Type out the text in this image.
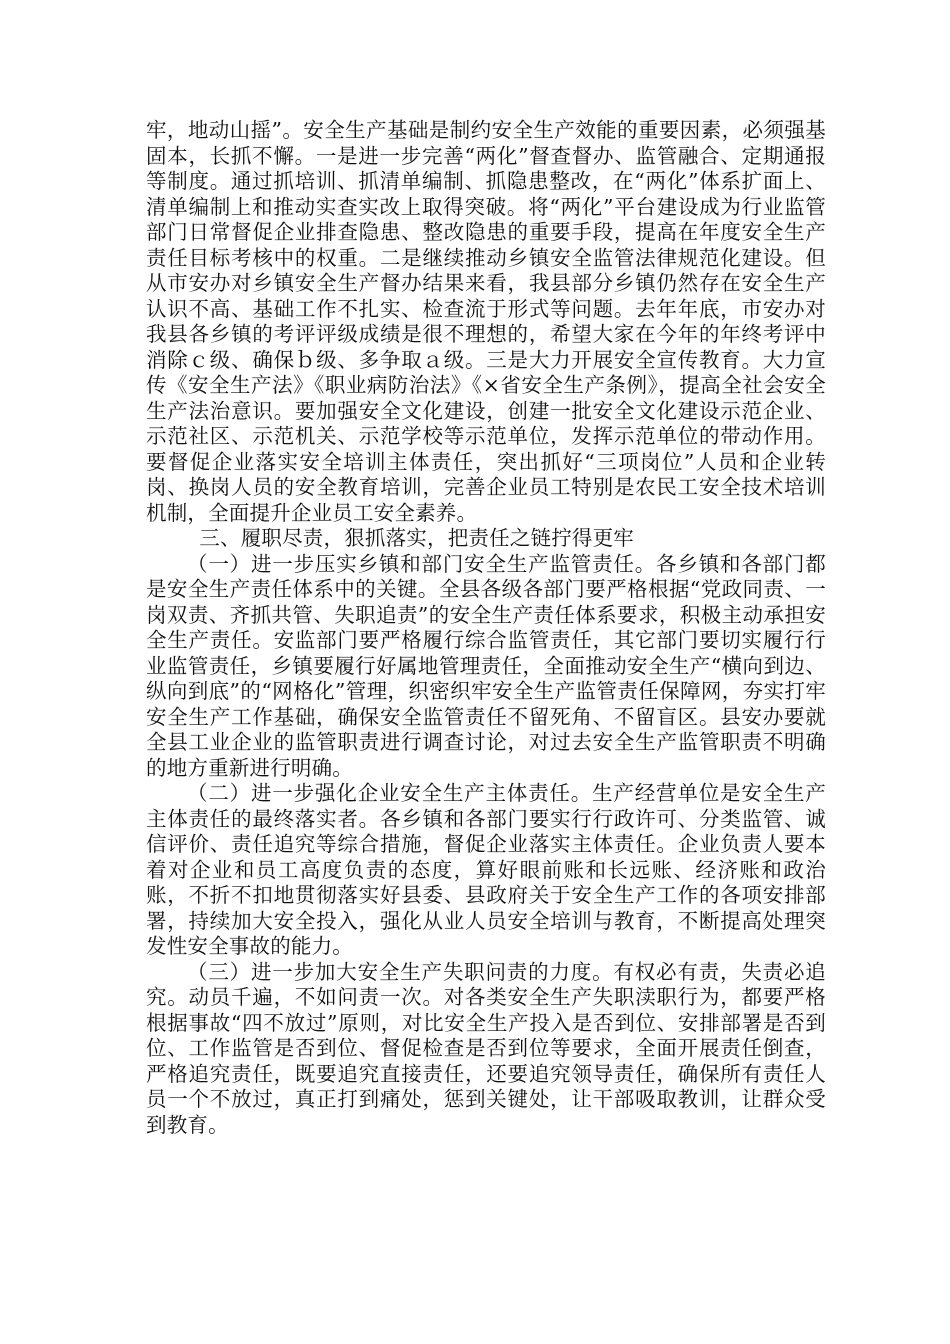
牢，地动山摇”。安全生产基础是制约安全生产效能的重要因素，必须强基固本，长抓不懈。一是进一步完善“两化”督查督办、监管融合、定期通报等制度。通过抓培训、抓清单编制、抓隐患整改，在“两化”体系扩面上、清单编制上和推动实查实改上取得突破。将“两化”平台建设成为行业监管部门日常督促企业排查隐患、整改隐患的重要手段，提高在年度安全生产责任目标考核中的权重。二是继续推动乡镇安全监管法律规范化建设。但从市安办对乡镇安全生产督办结果来看，我县部分乡镇仍然存在安全生产认识不高、基础工作不扎实、检查流于形式等问题。去年年底，市安办对我县各乡镇的考评评级成绩是很不理想的，希望大家在今年的年终考评中消除ｃ级、确保ｂ级、多争取ａ级。三是大力开展安全宣传教育。大力宣传《安全生产法》《职业病防治法》《×省安全生产条例》，提高全社会安全生产法治意识。要加强安全文化建设，创建一批安全文化建设示范企业、示范社区、示范机关、示范学校等示范单位，发挥示范单位的带动作用。要督促企业落实安全培训主体责任，突出抓好“三项岗位”人员和企业转岗、换岗人员的安全教育培训，完善企业员工特别是农民工安全技术培训机制，全面提升企业员工安全素养。

三、履职尽责，狠抓落实，把责任之链拧得更牢

（一）进一步压实乡镇和部门安全生产监管责任。各乡镇和各部门都是安全生产责任体系中的关键。全县各级各部门要严格根据“党政同责、一岗双责、齐抓共管、失职追责”的安全生产责任体系要求，积极主动承担安全生产责任。安监部门要严格履行综合监管责任，其它部门要切实履行行业监管责任，乡镇要履行好属地管理责任，全面推动安全生产“横向到边、纵向到底”的“网格化”管理，织密织牢安全生产监管责任保障网，夯实打牢安全生产工作基础，确保安全监管责任不留死角、不留盲区。县安办要就全县工业企业的监管职责进行调查讨论，对过去安全生产监管职责不明确的地方重新进行明确。

（二）进一步强化企业安全生产主体责任。生产经营单位是安全生产主体责任的最终落实者。各乡镇和各部门要实行行政许可、分类监管、诚信评价、责任追究等综合措施，督促企业落实主体责任。企业负责人要本着对企业和员工高度负责的态度，算好眼前账和长远账、经济账和政治账，不折不扣地贯彻落实好县委、县政府关于安全生产工作的各项安排部署，持续加大安全投入，强化从业人员安全培训与教育，不断提高处理突发性安全事故的能力。

（三）进一步加大安全生产失职问责的力度。有权必有责，失责必追究。动员千遍，不如问责一次。对各类安全生产失职渎职行为，都要严格根据事故“四不放过”原则，对比安全生产投入是否到位、安排部署是否到位、工作监管是否到位、督促检查是否到位等要求，全面开展责任倒查，严格追究责任，既要追究直接责任，还要追究领导责任，确保所有责任人员一个不放过，真正打到痛处，惩到关键处，让干部吸取教训，让群众受到教育。
